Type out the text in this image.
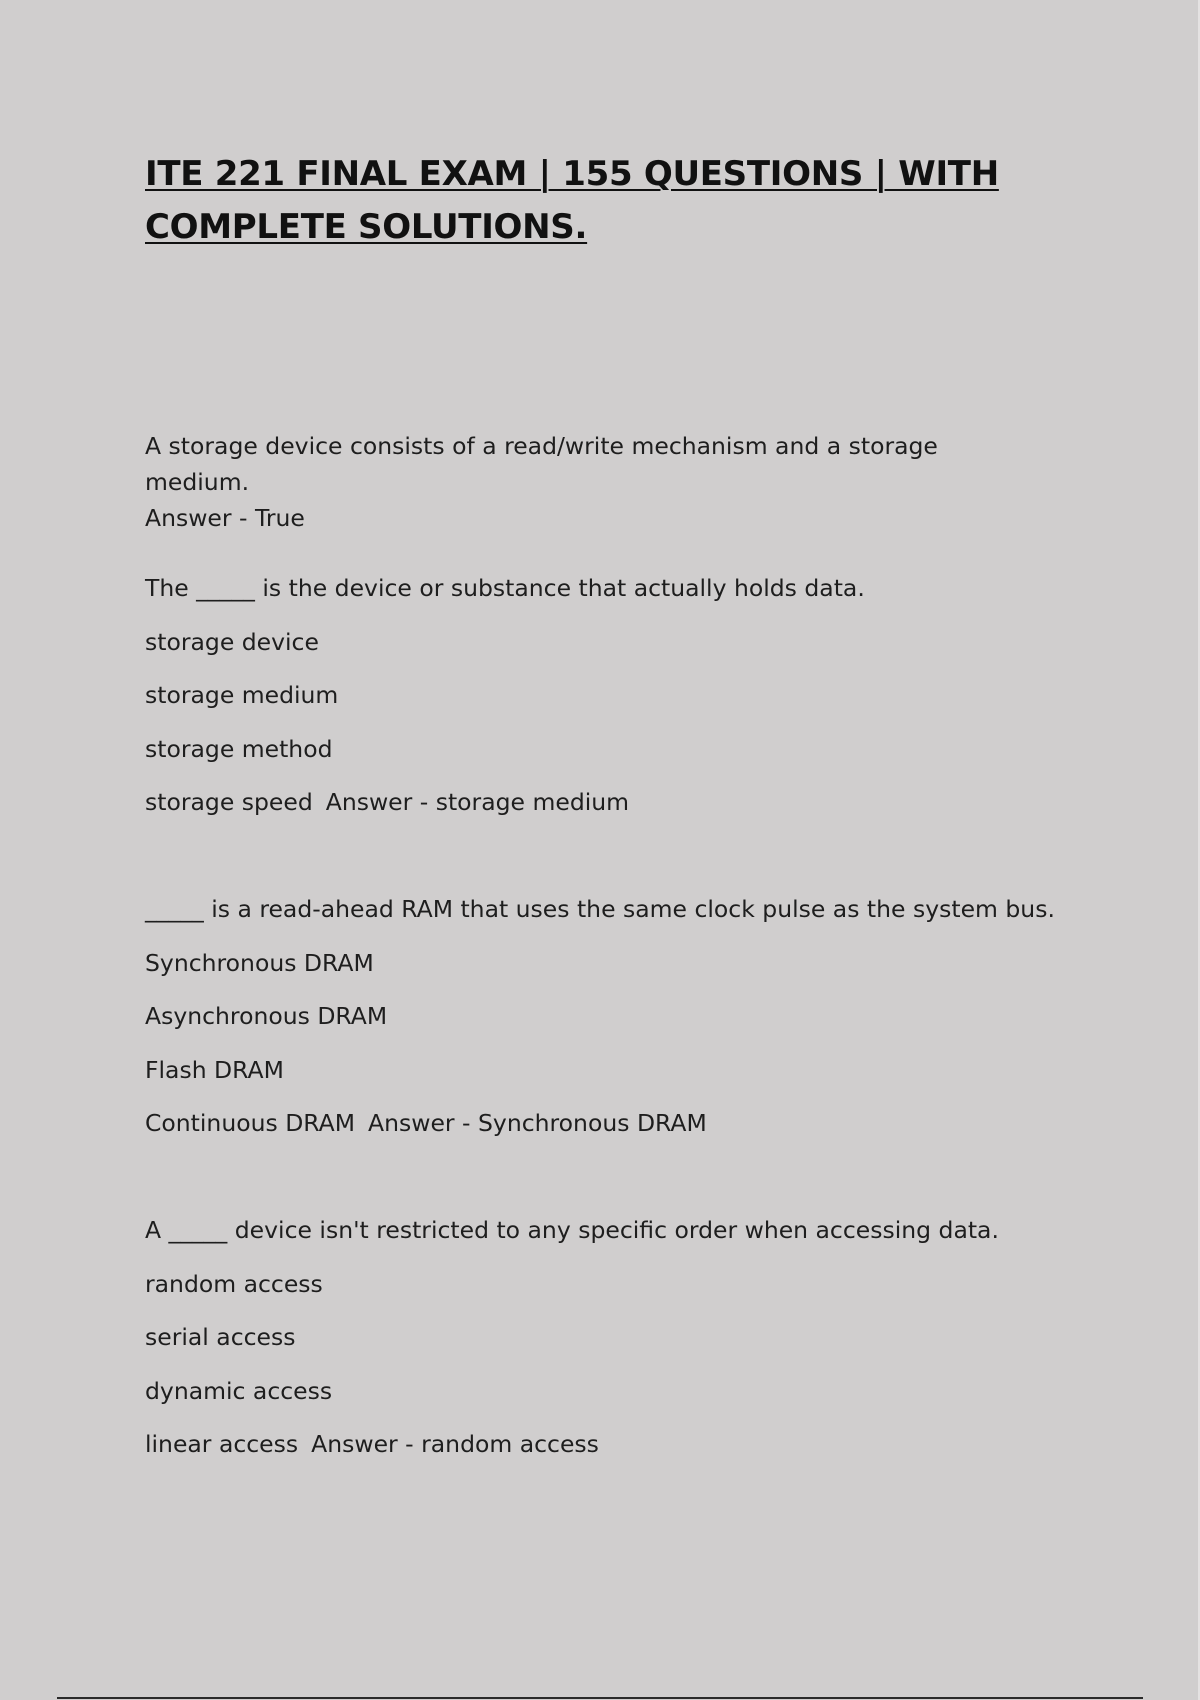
ITE 221 FINAL EXAM | 155 QUESTIONS | WITH COMPLETE SOLUTIONS.

A storage device consists of a read/write mechanism and a storage medium.
Answer - True

The _____ is the device or substance that actually holds data.
storage device
storage medium
storage method
storage speed Answer - storage medium
_____ is a read-ahead RAM that uses the same clock pulse as the system bus.
Synchronous DRAM
Asynchronous DRAM
Flash DRAM
Continuous DRAM Answer - Synchronous DRAM
A _____ device isn't restricted to any specific order when accessing data.
random access
serial access
dynamic access
linear access Answer - random access
